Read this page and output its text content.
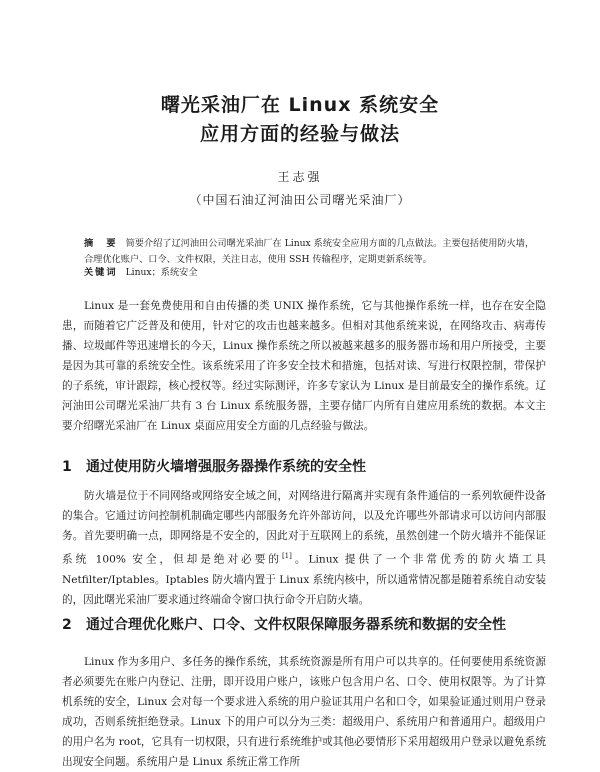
曙光采油厂在 Linux 系统安全
应用方面的经验与做法
王志强
（中国石油辽河油田公司曙光采油厂）
摘　要 简要介绍了辽河油田公司曙光采油厂在 Linux 系统安全应用方面的几点做法。主要包括使用防火墙，合理优化账户、口令、文件权限，关注日志，使用 SSH 传输程序，定期更新系统等。
关键词 Linux；系统安全
Linux 是一套免费使用和自由传播的类 UNIX 操作系统，它与其他操作系统一样，也存在安全隐患，而随着它广泛普及和使用，针对它的攻击也越来越多。但相对其他系统来说，在网络攻击、病毒传播、垃圾邮件等迅速增长的今天，Linux 操作系统之所以被越来越多的服务器市场和用户所接受，主要是因为其可靠的系统安全性。该系统采用了许多安全技术和措施，包括对读、写进行权限控制，带保护的子系统，审计跟踪，核心授权等。经过实际测评，许多专家认为 Linux 是目前最安全的操作系统。辽河油田公司曙光采油厂共有 3 台 Linux 系统服务器，主要存储厂内所有自建应用系统的数据。本文主要介绍曙光采油厂在 Linux 桌面应用安全方面的几点经验与做法。
1 通过使用防火墙增强服务器操作系统的安全性
防火墙是位于不同网络或网络安全域之间，对网络进行隔离并实现有条件通信的一系列软硬件设备的集合。它通过访问控制机制确定哪些内部服务允许外部访问，以及允许哪些外部请求可以访问内部服务。首先要明确一点，即网络是不安全的，因此对于互联网上的系统，虽然创建一个防火墙并不能保证系统 100% 安全，但却是绝对必要的[1]。Linux 提供了一个非常优秀的防火墙工具 Netfilter/Iptables。Iptables 防火墙内置于 Linux 系统内核中，所以通常情况都是随着系统自动安装的，因此曙光采油厂要求通过终端命令窗口执行命令开启防火墙。
2 通过合理优化账户、口令、文件权限保障服务器系统和数据的安全性
Linux 作为多用户、多任务的操作系统，其系统资源是所有用户可以共享的。任何要使用系统资源者必须要先在账户内登记、注册，即开设用户账户，该账户包含用户名、口令、使用权限等。为了计算机系统的安全，Linux 会对每一个要求进入系统的用户验证其用户名和口令，如果验证通过则用户登录成功，否则系统拒绝登录。Linux 下的用户可以分为三类：超级用户、系统用户和普通用户。超级用户的用户名为 root，它具有一切权限，只有进行系统维护或其他必要情形下采用超级用户登录以避免系统出现安全问题。系统用户是 Linux 系统正常工作所
